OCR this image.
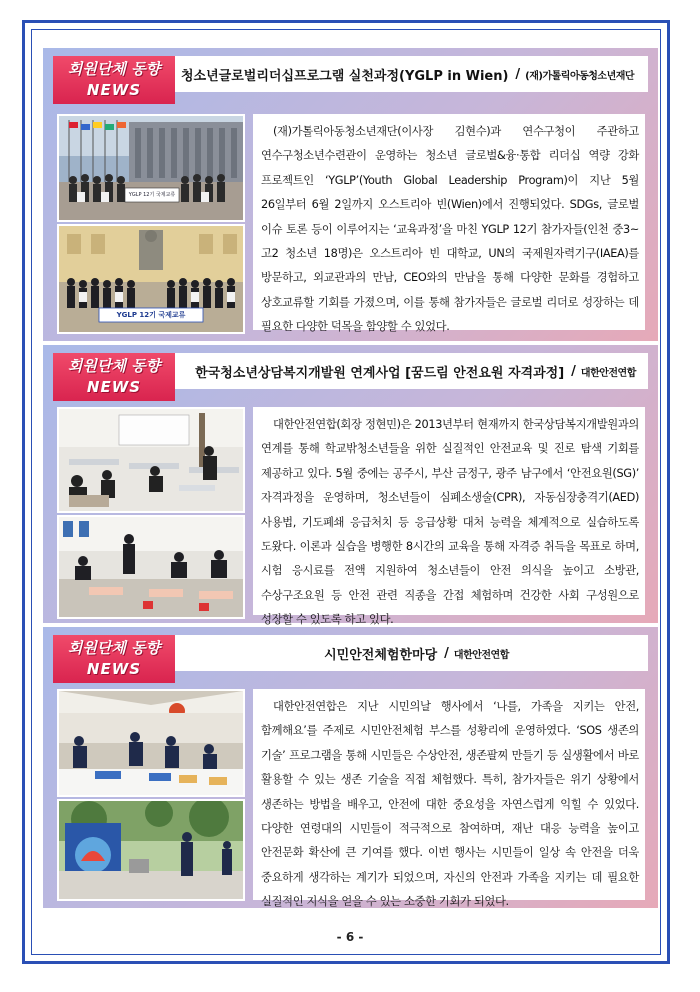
청소년글로벌리더십프로그램 실천과정(YGLP in Wien) / (재)가톨릭아동청소년재단
회원단체 동향
NEWS
YGLP 12기 국제교류
YGLP 12기 국제교류

(재)가톨릭아동청소년재단(이사장 김현수)과 연수구청이 주관하고 연수구청소년수련관이 운영하는 청소년 글로벌&융·통합 리더십 역량 강화 프로젝트인 ‘YGLP’(Youth Global Leadership Program)이 지난 5월 26일부터 6월 2일까지 오스트리아 빈(Wien)에서 진행되었다. SDGs, 글로벌 이슈 토론 등이 이루어지는 ‘교육과정’을 마친 YGLP 12기 참가자들(인천 중3~고2 청소년 18명)은 오스트리아 빈 대학교, UN의 국제원자력기구(IAEA)를 방문하고, 외교관과의 만남, CEO와의 만남을 통해 다양한 문화를 경험하고 상호교류할 기회를 가졌으며, 이를 통해 참가자들은 글로벌 리더로 성장하는 데 필요한 다양한 덕목을 함양할 수 있었다.

한국청소년상담복지개발원 연계사업 [꿈드림 안전요원 자격과정] / 대한안전연합
회원단체 동향
NEWS

대한안전연합(회장 정현민)은 2013년부터 현재까지 한국상담복지개발원과의 연계를 통해 학교밖청소년들을 위한 실질적인 안전교육 및 진로 탐색 기회를 제공하고 있다. 5월 중에는 공주시, 부산 금정구, 광주 남구에서 ‘안전요원(SG)’ 자격과정을 운영하며, 청소년들이 심폐소생술(CPR), 자동심장충격기(AED) 사용법, 기도폐쇄 응급처치 등 응급상황 대처 능력을 체계적으로 실습하도록 도왔다. 이론과 실습을 병행한 8시간의 교육을 통해 자격증 취득을 목표로 하며, 시험 응시료를 전액 지원하여 청소년들이 안전 의식을 높이고 소방관, 수상구조요원 등 안전 관련 직종을 간접 체험하며 건강한 사회 구성원으로 성장할 수 있도록 하고 있다.

시민안전체험한마당 / 대한안전연합
회원단체 동향
NEWS

대한안전연합은 지난 시민의날 행사에서 ‘나를, 가족을 지키는 안전, 함께해요’를 주제로 시민안전체험 부스를 성황리에 운영하였다. ‘SOS 생존의 기술’ 프로그램을 통해 시민들은 수상안전, 생존팔찌 만들기 등 실생활에서 바로 활용할 수 있는 생존 기술을 직접 체험했다. 특히, 참가자들은 위기 상황에서 생존하는 방법을 배우고, 안전에 대한 중요성을 자연스럽게 익힐 수 있었다. 다양한 연령대의 시민들이 적극적으로 참여하며, 재난 대응 능력을 높이고 안전문화 확산에 큰 기여를 했다. 이번 행사는 시민들이 일상 속 안전을 더욱 중요하게 생각하는 계기가 되었으며, 자신의 안전과 가족을 지키는 데 필요한 실질적인 지식을 얻을 수 있는 소중한 기회가 되었다.

- 6 -
